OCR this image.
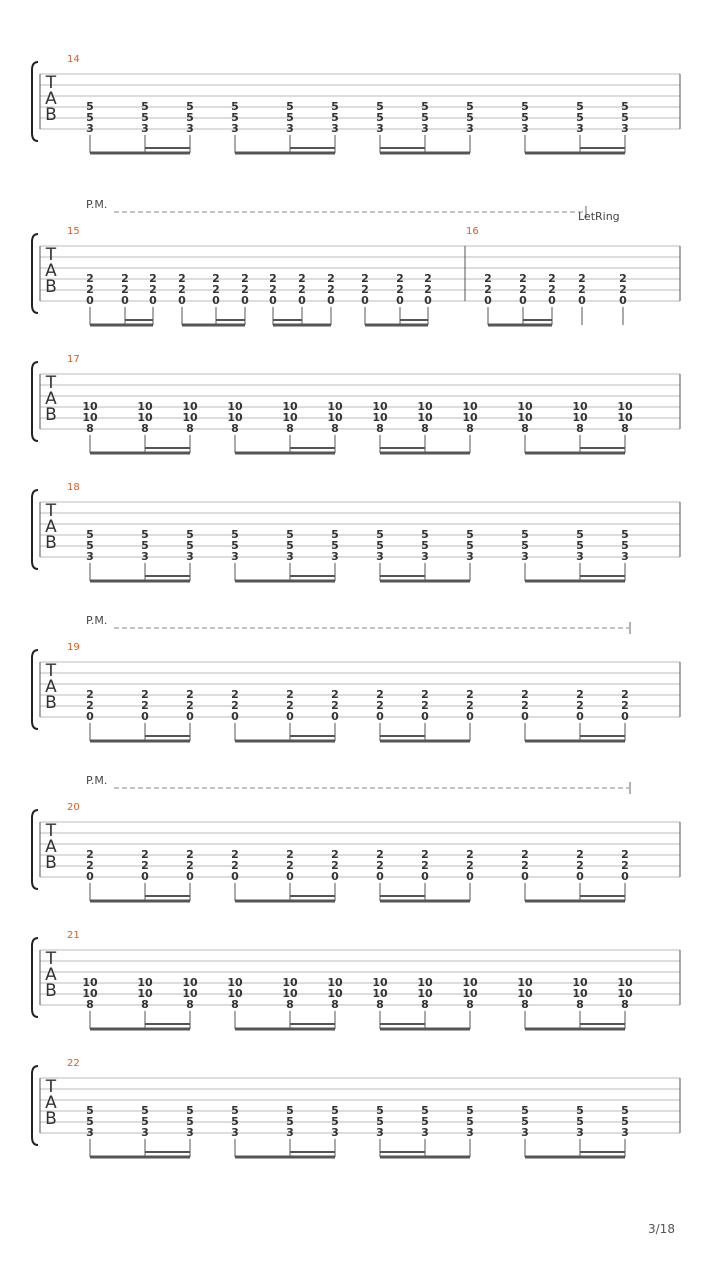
T
A
B
14
5
5
3
5
5
3
5
5
3
5
5
3
5
5
3
5
5
3
5
5
3
5
5
3
5
5
3
5
5
3
5
5
3
5
5
3
T
A
B
P.M.
LetRing
15	16
2
2
0
2
2
0
2
2
0
2
2
0
2
2
0
2
2
0
2
2
0
2
2
0
2
2
0
2
2
0
2
2
0
2
2
0
2
2
0
2
2
0
2
2
0
2
2
0
2
2
0
T
A
B
17
10
10
8
10
10
8
10
10
8
10
10
8
10
10
8
10
10
8
10
10
8
10
10
8
10
10
8
10
10
8
10
10
8
10
10
8
T
A
B
18
5
5
3
5
5
3
5
5
3
5
5
3
5
5
3
5
5
3
5
5
3
5
5
3
5
5
3
5
5
3
5
5
3
5
5
3
T
A
B
P.M.
19
2
2
0
2
2
0
2
2
0
2
2
0
2
2
0
2
2
0
2
2
0
2
2
0
2
2
0
2
2
0
2
2
0
2
2
0
T
A
B
P.M.
20
2
2
0
2
2
0
2
2
0
2
2
0
2
2
0
2
2
0
2
2
0
2
2
0
2
2
0
2
2
0
2
2
0
2
2
0
T
A
B
21
10
10
8
10
10
8
10
10
8
10
10
8
10
10
8
10
10
8
10
10
8
10
10
8
10
10
8
10
10
8
10
10
8
10
10
8
T
A
B
22
5
5
3
5
5
3
5
5
3
5
5
3
5
5
3
5
5
3
5
5
3
5
5
3
5
5
3
5
5
3
5
5
3
5
5
3
3/18
